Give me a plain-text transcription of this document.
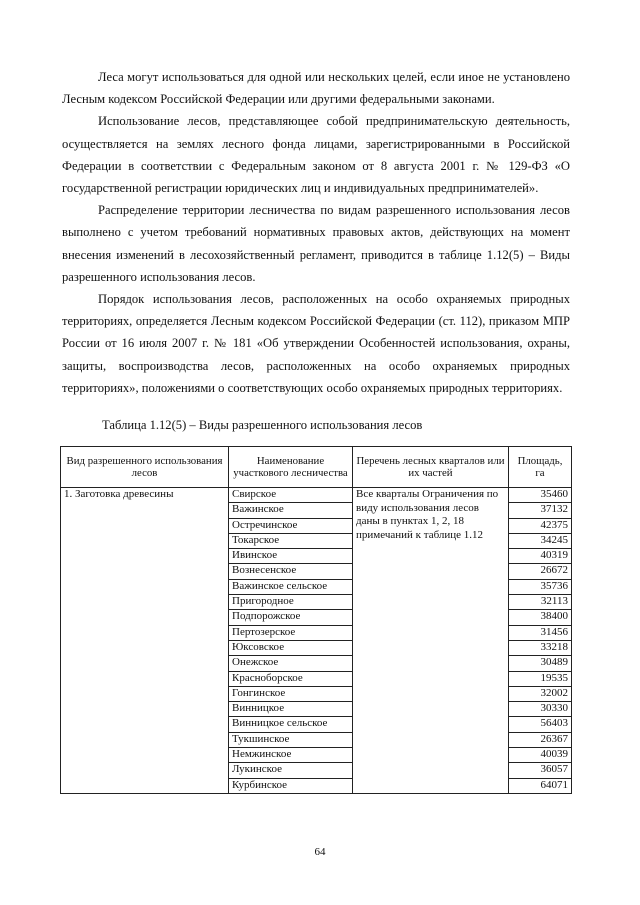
Леса могут использоваться для одной или нескольких целей, если иное не установлено Лесным кодексом Российской Федерации или другими федеральными законами.

Использование лесов, представляющее собой предпринимательскую деятельность, осуществляется на землях лесного фонда лицами, зарегистрированными в Российской Федерации в соответствии с Федеральным законом от 8 августа 2001 г. № 129-ФЗ «О государственной регистрации юридических лиц и индивидуальных предпринимателей».

Распределение территории лесничества по видам разрешенного использования лесов выполнено с учетом требований нормативных правовых актов, действующих на момент внесения изменений в лесохозяйственный регламент, приводится в таблице 1.12(5) – Виды разрешенного использования лесов.

Порядок использования лесов, расположенных на особо охраняемых природных территориях, определяется Лесным кодексом Российской Федерации (ст. 112), приказом МПР России от 16 июля 2007 г. № 181 «Об утверждении Особенностей использования, охраны, защиты, воспроизводства лесов, расположенных на особо охраняемых природных территориях», положениями о соответствующих особо охраняемых природных территориях.

Таблица 1.12(5) – Виды разрешенного использования лесов
Вид разрешенного использования лесов	Наименование участкового лесничества	Перечень лесных кварталов или их частей	Площадь, га
1. Заготовка древесины	Свирское	Все кварталы Ограничения по виду использования лесов даны в пунктах 1, 2, 18 примечаний к таблице 1.12	35460
	Важинское		37132
	Остречинское		42375
	Токарское		34245
	Ивинское		40319
	Вознесенское		26672
	Важинское сельское		35736
	Пригородное		32113
	Подпорожское		38400
	Пертозерское		31456
	Юксовское		33218
	Онежское		30489
	Красноборское		19535
	Гонгинское		32002
	Винницкое		30330
	Винницкое сельское		56403
	Тукшинское		26367
	Немжинское		40039
	Лукинское		36057
	Курбинское		64071
64
